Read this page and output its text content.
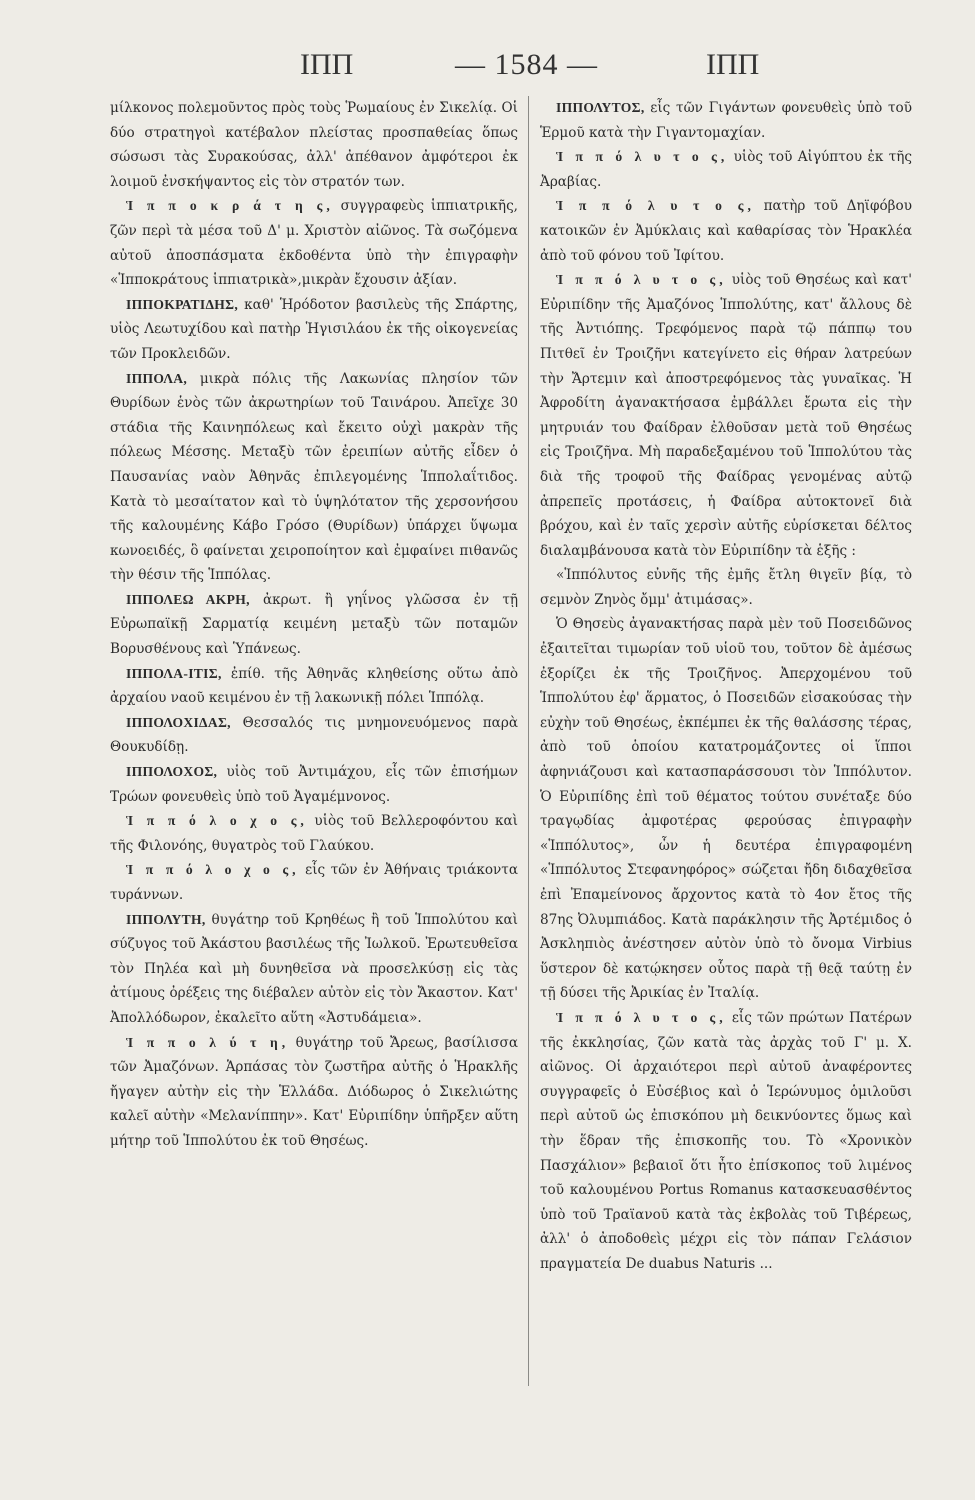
ΙΠΠ	— 1584 —	ΙΠΠ

μίλκονος πολεμοῦντος πρὸς τοὺς Ῥωμαίους ἐν Σικελίᾳ. Οἱ δύο στρατηγοὶ κατέβαλον πλείστας προσπαθείας ὅπως σώσωσι τὰς Συρακούσας, ἀλλ' ἀπέθανον ἀμφότεροι ἐκ λοιμοῦ ἐνσκήψαντος εἰς τὸν στρατόν των.

Ἱ π π ο κ ρ ά τ η ς, συγγραφεὺς ἱππιατρικῆς, ζῶν περὶ τὰ μέσα τοῦ Δ' μ. Χριστὸν αἰῶνος. Τὰ σωζόμενα αὐτοῦ ἀποσπάσματα ἐκδοθέντα ὑπὸ τὴν ἐπιγραφὴν «Ἱπποκράτους ἱππιατρικὰ»,μικρὰν ἔχουσιν ἀξίαν.

ΙΠΠΟΚΡΑΤΙΔΗΣ, καθ' Ἡρόδοτον βασιλεὺς τῆς Σπάρτης, υἱὸς Λεωτυχίδου καὶ πατὴρ Ἡγισιλάου ἐκ τῆς οἰκογενείας τῶν Προκλειδῶν.

ΙΠΠΟΛΑ, μικρὰ πόλις τῆς Λακωνίας πλησίον τῶν Θυρίδων ἑνὸς τῶν ἀκρωτηρίων τοῦ Ταινάρου. Ἀπεῖχε 30 στάδια τῆς Καινηπόλεως καὶ ἔκειτο οὐχὶ μακρὰν τῆς πόλεως Μέσσης. Μεταξὺ τῶν ἐρειπίων αὐτῆς εἶδεν ὁ Παυσανίας ναὸν Ἀθηνᾶς ἐπιλεγομένης Ἱππολαΐτιδος. Κατὰ τὸ μεσαίτατον καὶ τὸ ὑψηλότατον τῆς χερσονήσου τῆς καλουμένης Κάβο Γρόσο (Θυρίδων) ὑπάρχει ὕψωμα κωνοειδές, ὃ φαίνεται χειροποίητον καὶ ἐμφαίνει πιθανῶς τὴν θέσιν τῆς Ἱππόλας.

ΙΠΠΟΛΕΩ ΑΚΡΗ, ἀκρωτ. ἢ γηΐνος γλῶσσα ἐν τῇ Εὐρωπαϊκῇ Σαρματίᾳ κειμένη μεταξὺ τῶν ποταμῶν Βορυσθένους καὶ Ὑπάνεως.

ΙΠΠΟΛΑ-ΙΤΙΣ, ἐπίθ. τῆς Ἀθηνᾶς κληθείσης οὕτω ἀπὸ ἀρχαίου ναοῦ κειμένου ἐν τῇ λακωνικῇ πόλει Ἱππόλᾳ.

ΙΠΠΟΛΟΧΙΔΑΣ, Θεσσαλός τις μνημονευόμενος παρὰ Θουκυδίδῃ.

ΙΠΠΟΛΟΧΟΣ, υἱὸς τοῦ Ἀντιμάχου, εἷς τῶν ἐπισήμων Τρώων φονευθεὶς ὑπὸ τοῦ Ἀγαμέμνονος.

Ἱ π π ό λ ο χ ο ς, υἱὸς τοῦ Βελλεροφόντου καὶ τῆς Φιλονόης, θυγατρὸς τοῦ Γλαύκου.

Ἱ π π ό λ ο χ ο ς, εἷς τῶν ἐν Ἀθήναις τριάκοντα τυράννων.

ΙΠΠΟΛΥΤΗ, θυγάτηρ τοῦ Κρηθέως ἢ τοῦ Ἱππολύτου καὶ σύζυγος τοῦ Ἀκάστου βασιλέως τῆς Ἰωλκοῦ. Ἐρωτευθεῖσα τὸν Πηλέα καὶ μὴ δυνηθεῖσα νὰ προσελκύσῃ εἰς τὰς ἀτίμους ὀρέξεις της διέβαλεν αὐτὸν εἰς τὸν Ἄκαστον. Κατ' Ἀπολλόδωρον, ἐκαλεῖτο αὕτη «Ἀστυδάμεια».

Ἱ π π ο λ ύ τ η, θυγάτηρ τοῦ Ἄρεως, βασίλισσα τῶν Ἀμαζόνων. Ἁρπάσας τὸν ζωστῆρα αὐτῆς ὁ Ἡρακλῆς ἤγαγεν αὐτὴν εἰς τὴν Ἑλλάδα. Διόδωρος ὁ Σικελιώτης καλεῖ αὐτὴν «Μελανίππην». Κατ' Εὐριπίδην ὑπῆρξεν αὕτη μήτηρ τοῦ Ἱππολύτου ἐκ τοῦ Θησέως.

ΙΠΠΟΛΥΤΟΣ, εἷς τῶν Γιγάντων φονευθεὶς ὑπὸ τοῦ Ἑρμοῦ κατὰ τὴν Γιγαντομαχίαν.

Ἱ π π ό λ υ τ ο ς, υἱὸς τοῦ Αἰγύπτου ἐκ τῆς Ἀραβίας.

Ἱ π π ό λ υ τ ο ς, πατὴρ τοῦ Δηϊφόβου κατοικῶν ἐν Ἀμύκλαις καὶ καθαρίσας τὸν Ἡρακλέα ἀπὸ τοῦ φόνου τοῦ Ἰφίτου.

Ἱ π π ό λ υ τ ο ς, υἱὸς τοῦ Θησέως καὶ κατ' Εὐριπίδην τῆς Ἀμαζόνος Ἱππολύτης, κατ' ἄλλους δὲ τῆς Ἀντιόπης. Τρεφόμενος παρὰ τῷ πάππῳ του Πιτθεῖ ἐν Τροιζῆνι κατεγίνετο εἰς θήραν λατρεύων τὴν Ἄρτεμιν καὶ ἀποστρεφόμενος τὰς γυναῖκας. Ἡ Ἀφροδίτη ἀγανακτήσασα ἐμβάλλει ἔρωτα εἰς τὴν μητρυιάν του Φαίδραν ἐλθοῦσαν μετὰ τοῦ Θησέως εἰς Τροιζῆνα. Μὴ παραδεξαμένου τοῦ Ἱππολύτου τὰς διὰ τῆς τροφοῦ τῆς Φαίδρας γενομένας αὐτῷ ἀπρεπεῖς προτάσεις, ἡ Φαίδρα αὐτοκτονεῖ διὰ βρόχου, καὶ ἐν ταῖς χερσὶν αὐτῆς εὑρίσκεται δέλτος διαλαμβάνουσα κατὰ τὸν Εὐριπίδην τὰ ἑξῆς :

«Ἱππόλυτος εὐνῆς τῆς ἐμῆς ἔτλη θιγεῖν βίᾳ, τὸ σεμνὸν Ζηνὸς ὄμμ' ἀτιμάσας».

Ὁ Θησεὺς ἀγανακτήσας παρὰ μὲν τοῦ Ποσειδῶνος ἐξαιτεῖται τιμωρίαν τοῦ υἱοῦ του, τοῦτον δὲ ἀμέσως ἐξορίζει ἐκ τῆς Τροιζῆνος. Ἀπερχομένου τοῦ Ἱππολύτου ἐφ' ἅρματος, ὁ Ποσειδῶν εἰσακούσας τὴν εὐχὴν τοῦ Θησέως, ἐκπέμπει ἐκ τῆς θαλάσσης τέρας, ἀπὸ τοῦ ὁποίου κατατρομάζοντες οἱ ἵπποι ἀφηνιάζουσι καὶ κατασπαράσσουσι τὸν Ἱππόλυτον. Ὁ Εὐριπίδης ἐπὶ τοῦ θέματος τούτου συνέταξε δύο τραγῳδίας ἀμφοτέρας φερούσας ἐπιγραφὴν «Ἱππόλυτος», ὧν ἡ δευτέρα ἐπιγραφομένη «Ἱππόλυτος Στεφανηφόρος» σώζεται ἤδη διδαχθεῖσα ἐπὶ Ἐπαμείνονος ἄρχοντος κατὰ τὸ 4ον ἔτος τῆς 87ης Ὀλυμπιάδος. Κατὰ παράκλησιν τῆς Ἀρτέμιδος ὁ Ἀσκληπιὸς ἀνέστησεν αὐτὸν ὑπὸ τὸ ὄνομα Virbius ὕστερον δὲ κατῴκησεν οὗτος παρὰ τῇ θεᾷ ταύτῃ ἐν τῇ δύσει τῆς Ἀρικίας ἐν Ἰταλίᾳ.

Ἱ π π ό λ υ τ ο ς, εἷς τῶν πρώτων Πατέρων τῆς ἐκκλησίας, ζῶν κατὰ τὰς ἀρχὰς τοῦ Γ' μ. Χ. αἰῶνος. Οἱ ἀρχαιότεροι περὶ αὐτοῦ ἀναφέροντες συγγραφεῖς ὁ Εὐσέβιος καὶ ὁ Ἱερώνυμος ὁμιλοῦσι περὶ αὐτοῦ ὡς ἐπισκόπου μὴ δεικνύοντες ὅμως καὶ τὴν ἕδραν τῆς ἐπισκοπῆς του. Τὸ «Χρονικὸν Πασχάλιον» βεβαιοῖ ὅτι ἦτο ἐπίσκοπος τοῦ λιμένος τοῦ καλουμένου Portus Romanus κατασκευασθέντος ὑπὸ τοῦ Τραϊανοῦ κατὰ τὰς ἐκβολὰς τοῦ Τιβέρεως, ἀλλ' ὁ ἀποδοθεὶς μέχρι εἰς τὸν πάπαν Γελάσιον πραγματεία De duabus Naturis ...
